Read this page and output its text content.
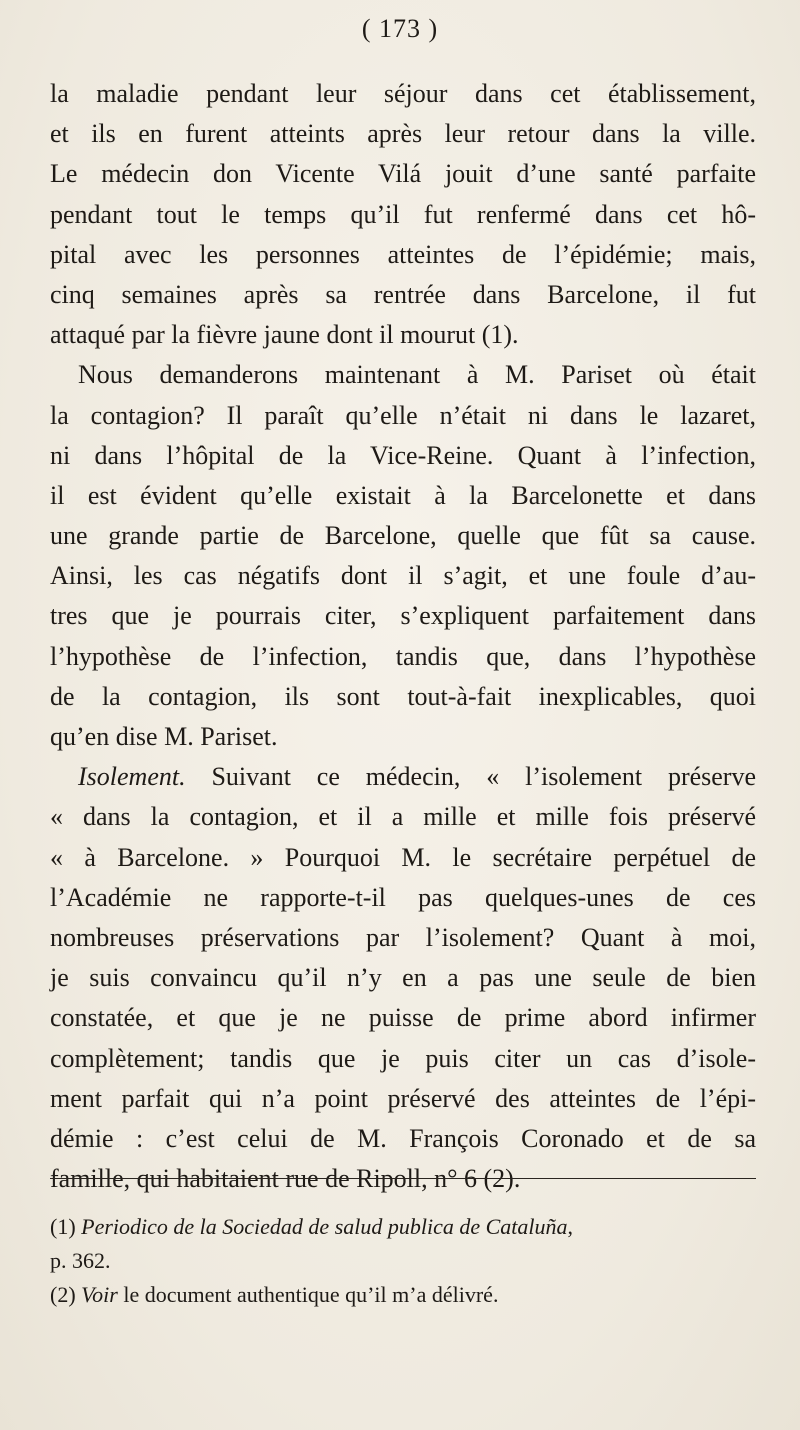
( 173 )
la maladie pendant leur séjour dans cet établissement,
et ils en furent atteints après leur retour dans la ville.
Le médecin don Vicente Vilá jouit d’une santé parfaite
pendant tout le temps qu’il fut renfermé dans cet hô-
pital avec les personnes atteintes de l’épidémie; mais,
cinq semaines après sa rentrée dans Barcelone, il fut
attaqué par la fièvre jaune dont il mourut (1).
Nous demanderons maintenant à M. Pariset où était
la contagion? Il paraît qu’elle n’était ni dans le lazaret,
ni dans l’hôpital de la Vice-Reine. Quant à l’infection,
il est évident qu’elle existait à la Barcelonette et dans
une grande partie de Barcelone, quelle que fût sa cause.
Ainsi, les cas négatifs dont il s’agit, et une foule d’au-
tres que je pourrais citer, s’expliquent parfaitement dans
l’hypothèse de l’infection, tandis que, dans l’hypothèse
de la contagion, ils sont tout-à-fait inexplicables, quoi
qu’en dise M. Pariset.
Isolement. Suivant ce médecin, « l’isolement préserve
« dans la contagion, et il a mille et mille fois préservé
« à Barcelone. » Pourquoi M. le secrétaire perpétuel de
l’Académie ne rapporte-t-il pas quelques-unes de ces
nombreuses préservations par l’isolement? Quant à moi,
je suis convaincu qu’il n’y en a pas une seule de bien
constatée, et que je ne puisse de prime abord infirmer
complètement; tandis que je puis citer un cas d’isole-
ment parfait qui n’a point préservé des atteintes de l’épi-
démie : c’est celui de M. François Coronado et de sa
famille, qui habitaient rue de Ripoll, n° 6 (2).
(1) Periodico de la Sociedad de salud publica de Cataluña,
p. 362.
(2) Voir le document authentique qu’il m’a délivré.
